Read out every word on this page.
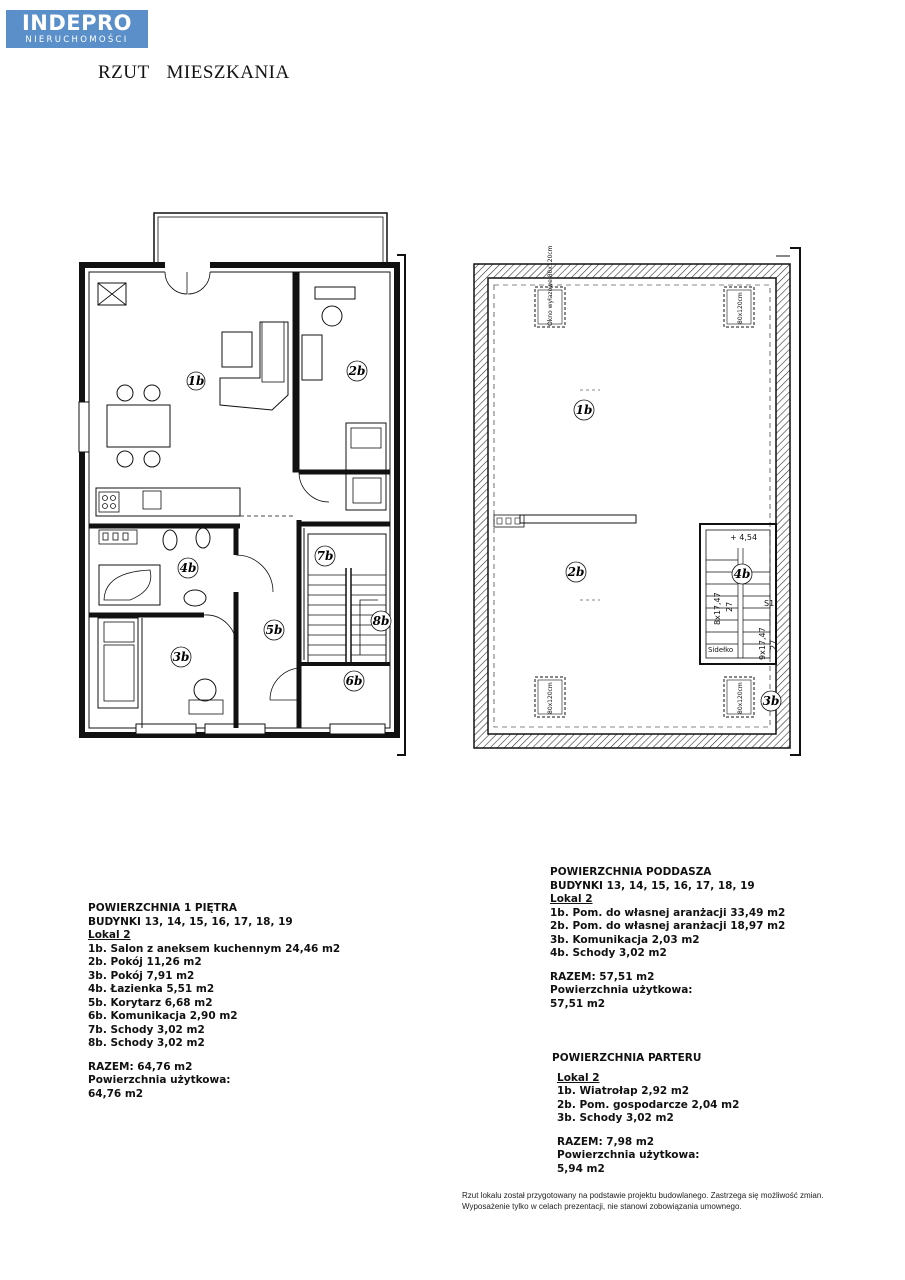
INDEPRO
NIERUCHOMOŚCI
RZUT MIESZKANIA
1b
2b
3b
4b
5b
6b
7b
8b
1b
2b
3b
4b
+ 4,54
8x17,47
9x17,47
27
27
S1
Sidełko
Okno wyłazowe 80x120cm	80x120cm
80x120cm	80x120cm
POWIERZCHNIA 1 PIĘTRA
BUDYNKI 13, 14, 15, 16, 17, 18, 19
Lokal 2
1b. Salon z aneksem kuchennym 24,46 m2
2b. Pokój 11,26 m2
3b. Pokój 7,91 m2
4b. Łazienka 5,51 m2
5b. Korytarz 6,68 m2
6b. Komunikacja 2,90 m2
7b. Schody 3,02 m2
8b. Schody 3,02 m2
RAZEM: 64,76 m2
Powierzchnia użytkowa:
64,76 m2
POWIERZCHNIA PODDASZA
BUDYNKI 13, 14, 15, 16, 17, 18, 19
Lokal 2
1b. Pom. do własnej aranżacji 33,49 m2
2b. Pom. do własnej aranżacji 18,97 m2
3b. Komunikacja 2,03 m2
4b. Schody 3,02 m2
RAZEM: 57,51 m2
Powierzchnia użytkowa:
57,51 m2
POWIERZCHNIA PARTERU
Lokal 2
1b. Wiatrołap 2,92 m2
2b. Pom. gospodarcze 2,04 m2
3b. Schody 3,02 m2
RAZEM: 7,98 m2
Powierzchnia użytkowa:
5,94 m2
Rzut lokalu został przygotowany na podstawie projektu budowlanego. Zastrzega się możliwość zmian.
Wyposażenie tylko w celach prezentacji, nie stanowi zobowiązania umownego.
